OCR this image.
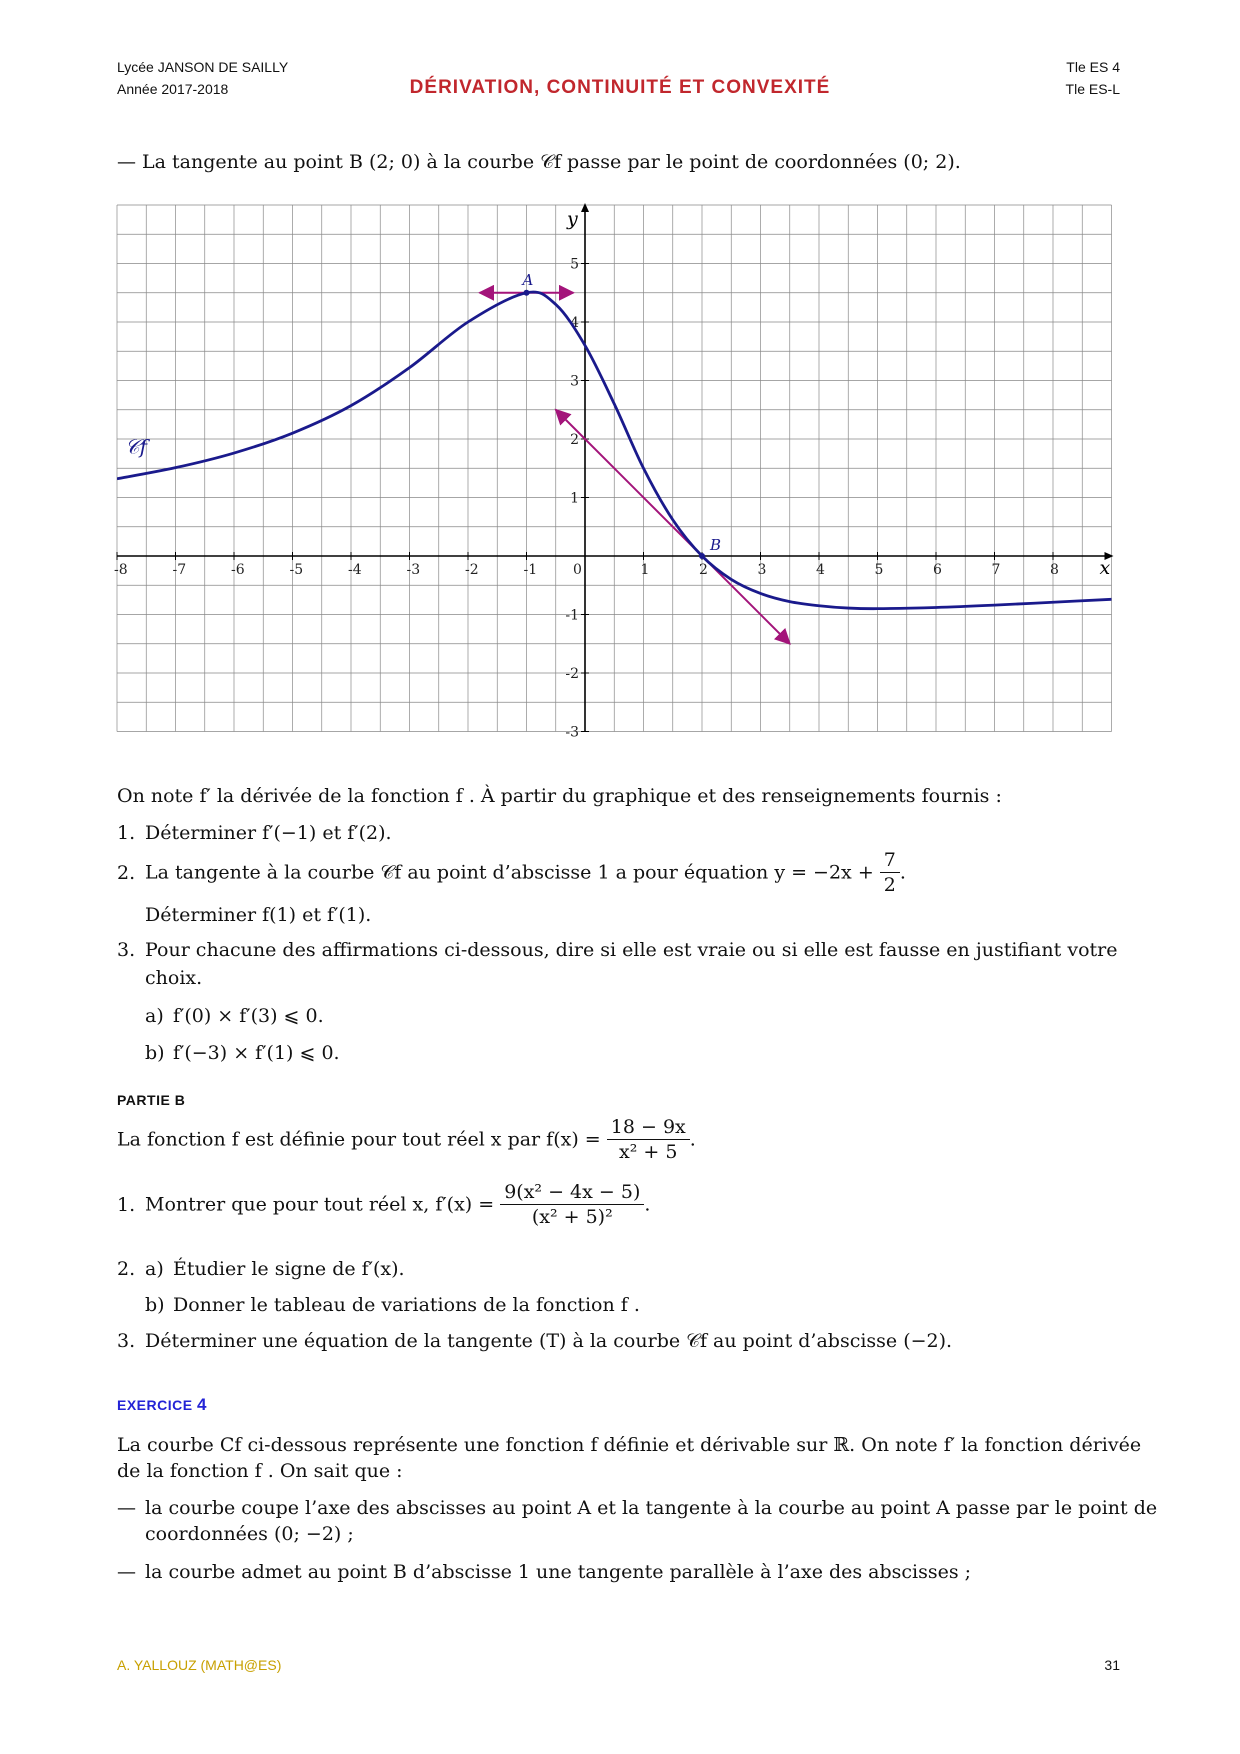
Lycée JANSON DE SAILLY
Année 2017-2018	DÉRIVATION, CONTINUITÉ ET CONVEXITÉ
Tle ES 4
Tle ES-L
— La tangente au point B (2; 0) à la courbe 𝒞f passe par le point de coordonnées (0; 2).
-8	-7	-6	-5	-4	-3	-2	-1	0	1	2	3	4	5	6	7	8
-3
-2
-1
1
2
3
4
5
x
y
𝒞f
A
B
On note f′ la dérivée de la fonction f . À partir du graphique et des renseignements fournis :
1. Déterminer f′(−1) et f′(2).
2. La tangente à la courbe 𝒞f au point d’abscisse 1 a pour équation $y = -2x + \frac{7}{2}$ .
Déterminer f(1) et f′(1).
3. Pour chacune des affirmations ci-dessous, dire si elle est vraie ou si elle est fausse en justifiant votre
choix.
a) f′(0) × f′(3) ⩽ 0.
b) f′(−3) × f′(1) ⩽ 0.
PARTIE B
La fonction f est définie pour tout réel x par $f(x) = \frac{18 - 9x}{\text{x² + 5}}$ .
1. Montrer que pour tout réel x, $f'(x) = \frac{\text{9(x² − 4x − 5)}}{\text{(x² + 5)²}}$ .
2. a) Étudier le signe de f′(x).
b) Donner le tableau de variations de la fonction f .
3. Déterminer une équation de la tangente (T) à la courbe 𝒞f au point d’abscisse (−2).
EXERCICE 4
La courbe Cf ci-dessous représente une fonction f définie et dérivable sur ℝ. On note f′ la fonction dérivée
de la fonction f . On sait que :
— la courbe coupe l’axe des abscisses au point A et la tangente à la courbe au point A passe par le point de
coordonnées (0; −2) ;
— la courbe admet au point B d’abscisse 1 une tangente parallèle à l’axe des abscisses ;
A. YALLOUZ (MATH@ES)	31
